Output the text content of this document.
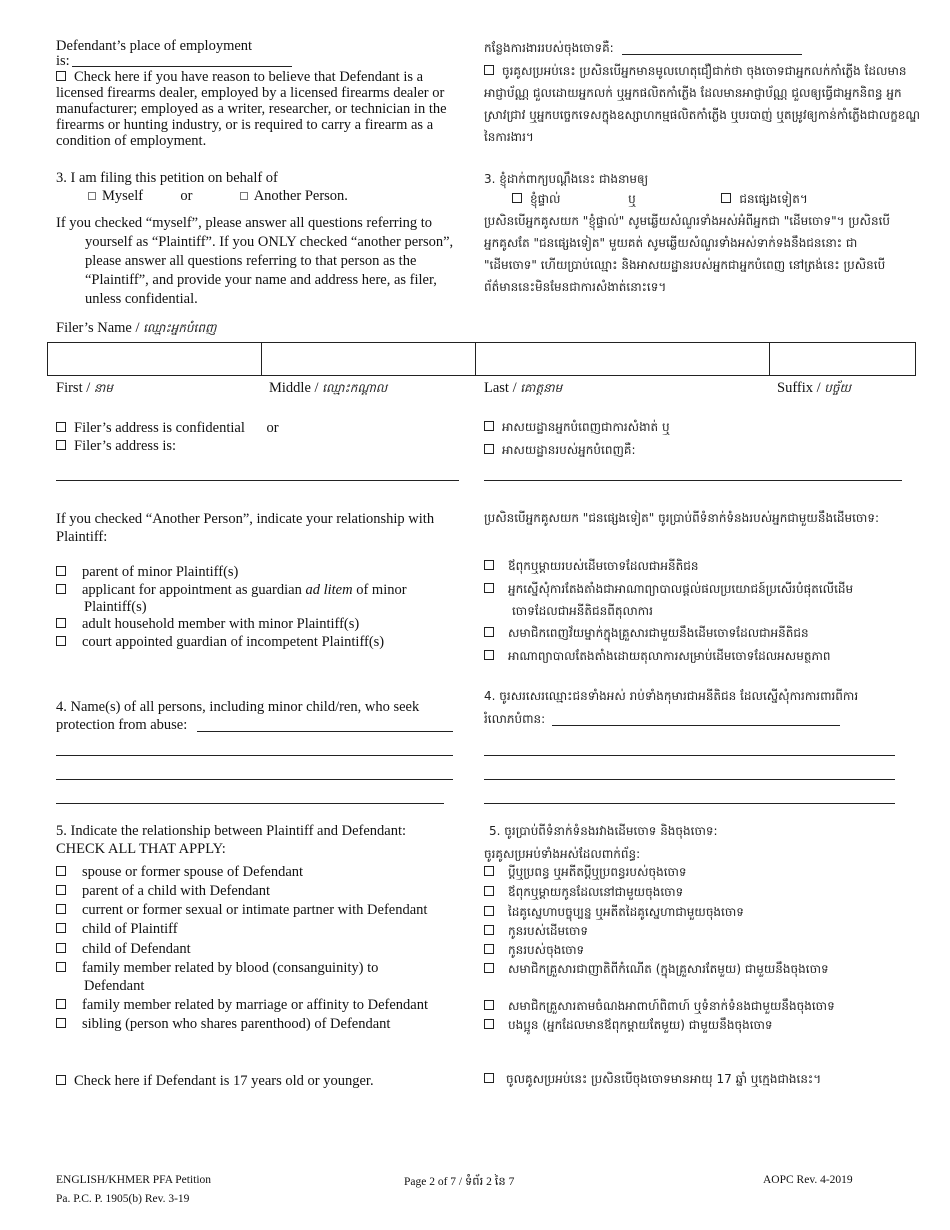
Defendant’s place of employment
is:
Check here if you have reason to believe that Defendant is a licensed firearms dealer, employed by a licensed firearms dealer or manufacturer; employed as a writer, researcher, or technician in the firearms or hunting industry, or is required to carry a firearm as a condition of employment.
កន្លែងការងាររបស់ចុងចោទគឺ:
ចូរគូសប្រអប់នេះ ប្រសិនបើអ្នកមានមូលហេតុជឿជាក់ថា ចុងចោទជាអ្នកលក់កាំភ្លើង ដែលមានអាជ្ញាប័ណ្ណ ជួលដោយអ្នកលក់ ឬអ្នកផលិតកាំភ្លើង ដែលមានអាជ្ញាប័ណ្ណ ជួលឲ្យធ្វើជាអ្នកនិពន្ធ អ្នកស្រាវជ្រាវ ឬអ្នកបច្ចេកទេសក្នុងឧស្សាហកម្មផលិតកាំភ្លើង ឬបរបាញ់ ឬតម្រូវឲ្យកាន់កាំភ្លើងជាលក្ខខណ្ឌនៃការងារ។
3. I am filing this petition on behalf of
Myself	or	Another Person.
If you checked “myself”, please answer all questions referring to yourself as “Plaintiff”. If you ONLY checked “another person”, please answer all questions referring to that person as the “Plaintiff”, and provide your name and address here, as filer, unless confidential.
3. ខ្ញុំដាក់ពាក្យបណ្ដឹងនេះ ជាងនាមឲ្យ
ខ្ញុំផ្ទាល់	ឬ	ជនផ្សេងទៀត។
ប្រសិនបើអ្នកគូសយក "ខ្ញុំផ្ទាល់" សូមឆ្លើយសំណួរទាំងអស់អំពីអ្នកជា "ដើមចោទ"។ ប្រសិនបើអ្នកគូសតែ "ជនផ្សេងទៀត" មួយគត់ សូមឆ្លើយសំណួរទាំងអស់ទាក់ទងនឹងជននោះ ជា "ដើមចោទ" ហើយប្រាប់ឈ្មោះ និងអាសយដ្ឋានរបស់អ្នកជាអ្នកបំពេញ នៅត្រង់នេះ ប្រសិនបើព័ត៌មាននេះមិនមែនជាការសំងាត់នោះទេ។
Filer’s Name / ឈ្មោះអ្នកបំពេញ
First / នាម	Middle / ឈ្មោះកណ្ដាល	Last / គោត្តនាម	Suffix / បច្ច័យ
Filer’s address is confidential or
Filer’s address is:
អាសយដ្ឋានអ្នកបំពេញជាការសំងាត់ ឬ
អាសយដ្ឋានរបស់អ្នកបំពេញគឺ:
If you checked “Another Person”, indicate your relationship with Plaintiff:
ប្រសិនបើអ្នកគូសយក "ជនផ្សេងទៀត" ចូរប្រាប់ពីទំនាក់ទំនងរបស់អ្នកជាមួយនឹងដើមចោទ:
parent of minor Plaintiff(s)
applicant for appointment as guardian ad litem of minor
Plaintiff(s)
adult household member with minor Plaintiff(s)
court appointed guardian of incompetent Plaintiff(s)
ឪពុកឬម្ដាយរបស់ដើមចោទដែលជាអនីតិជន
អ្នកស្នើសុំការតែងតាំងជាអាណាព្យាបាលផ្ដល់ផលប្រយោជន៍ប្រសើរបំផុតលើដើម
ចោទដែលជាអនីតិជនពីតុលាការ
សមាជិកពេញវ័យម្នាក់ក្នុងគ្រួសារជាមួយនឹងដើមចោទដែលជាអនីតិជន
អាណាព្យាបាលតែងតាំងដោយតុលាការសម្រាប់ដើមចោទដែលអសមត្ថភាព
4. Name(s) of all persons, including minor child/ren, who seek
protection from abuse:
4. ចូរសរសេរឈ្មោះជនទាំងអស់ រាប់ទាំងកុមារជាអនីតិជន ដែលស្នើសុំការការពារពីការ
រំលោភបំពាន:
5. Indicate the relationship between Plaintiff and Defendant:
CHECK ALL THAT APPLY:
spouse or former spouse of Defendant
parent of a child with Defendant
current or former sexual or intimate partner with Defendant
child of Plaintiff
child of Defendant
family member related by blood (consanguinity) to
Defendant
family member related by marriage or affinity to Defendant
sibling (person who shares parenthood) of Defendant
5. ចូរប្រាប់ពីទំនាក់ទំនងរវាងដើមចោទ និងចុងចោទ:
ចូរគូសប្រអប់ទាំងអស់ដែលពាក់ព័ន្ធ:
ប្ដីឬប្រពន្ធ ឬអតីតប្ដីឬប្រពន្ធរបស់ចុងចោទ
ឪពុកឬម្ដាយកូនដែលនៅជាមួយចុងចោទ
ដៃគូស្នេហាបច្ចុប្បន្ន ឬអតីតដៃគូស្នេហាជាមួយចុងចោទ
កូនរបស់ដើមចោទ
កូនរបស់ចុងចោទ
សមាជិកគ្រួសារជាញាតិពីកំណើត (ក្នុងគ្រួសារតែមួយ) ជាមួយនឹងចុងចោទ
សមាជិកគ្រួសារតាមចំណងអាពាហ៍ពិពាហ៍ ឬទំនាក់ទំនងជាមួយនឹងចុងចោទ
បងប្អូន (អ្នកដែលមានឪពុកម្ដាយតែមួយ) ជាមួយនឹងចុងចោទ
Check here if Defendant is 17 years old or younger.	ចូលគូសប្រអប់នេះ ប្រសិនបើចុងចោទមានអាយុ 17 ឆ្នាំ ឬក្មេងជាងនេះ។
ENGLISH/KHMER PFA Petition
Pa. P.C. P. 1905(b) Rev. 3-19
Page 2 of 7 / ទំព័រ 2 នៃ 7	AOPC Rev. 4-2019
